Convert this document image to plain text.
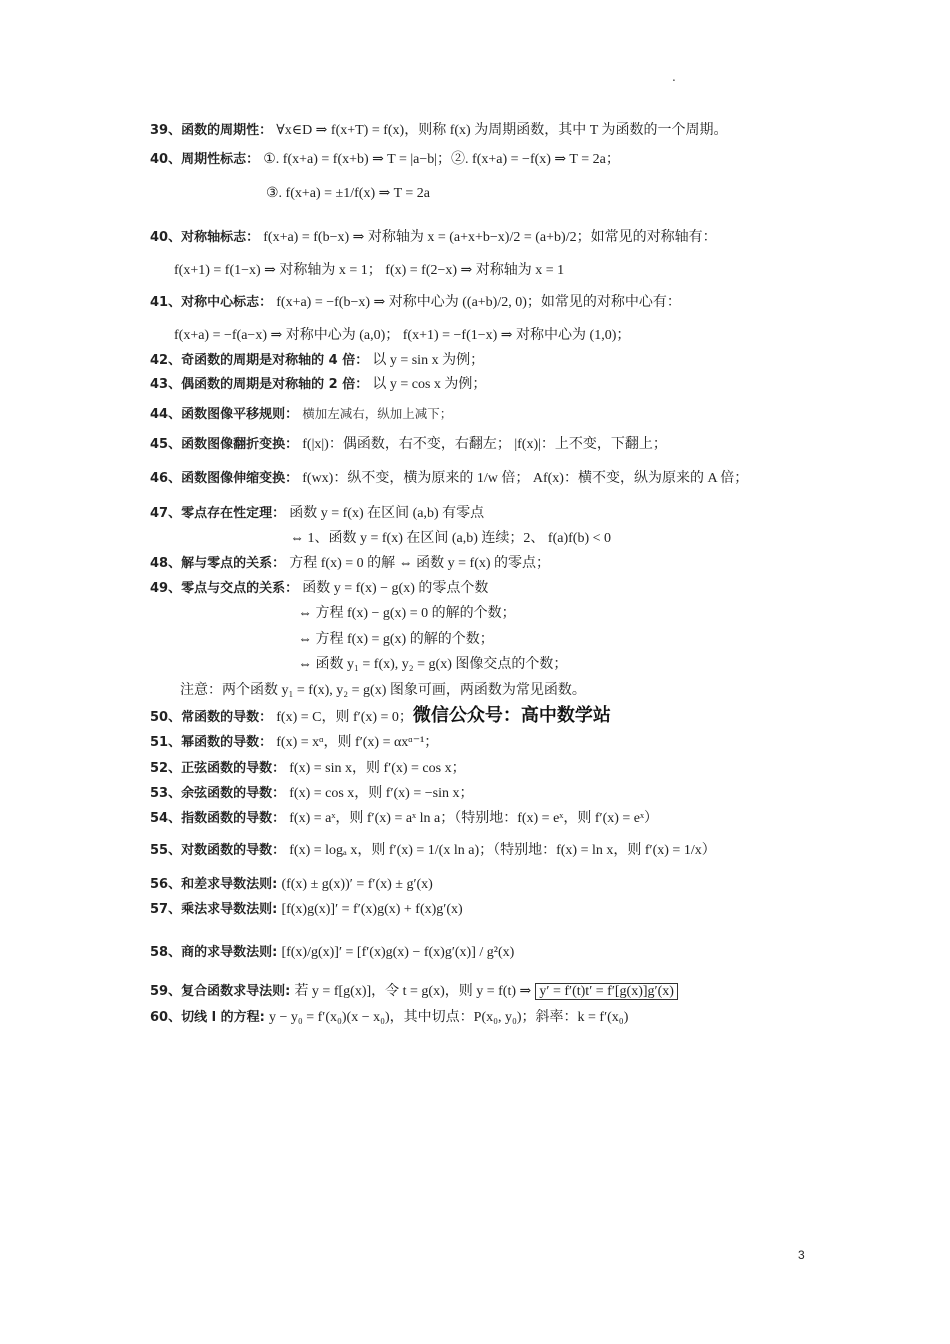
.
39、函数的周期性： ∀x∈D ⇒ f(x+T) = f(x)，则称 f(x) 为周期函数，其中 T 为函数的一个周期。
40、周期性标志： ①. f(x+a) = f(x+b) ⇒ T = |a−b|；②. f(x+a) = −f(x) ⇒ T = 2a；
③. f(x+a) = ±1/f(x) ⇒ T = 2a
40、对称轴标志： f(x+a) = f(b−x) ⇒ 对称轴为 x = (a+x+b−x)/2 = (a+b)/2；如常见的对称轴有：
f(x+1) = f(1−x) ⇒ 对称轴为 x = 1； f(x) = f(2−x) ⇒ 对称轴为 x = 1
41、对称中心标志： f(x+a) = −f(b−x) ⇒ 对称中心为 ((a+b)/2, 0)；如常见的对称中心有：
f(x+a) = −f(a−x) ⇒ 对称中心为 (a,0)； f(x+1) = −f(1−x) ⇒ 对称中心为 (1,0)；
42、奇函数的周期是对称轴的 4 倍： 以 y = sin x 为例；
43、偶函数的周期是对称轴的 2 倍： 以 y = cos x 为例；
44、函数图像平移规则： 横加左减右，纵加上减下；
45、函数图像翻折变换： f(|x|)：偶函数，右不变，右翻左； |f(x)|：上不变，下翻上；
46、函数图像伸缩变换： f(wx)：纵不变，横为原来的 1/w 倍； Af(x)：横不变，纵为原来的 A 倍；
47、零点存在性定理： 函数 y = f(x) 在区间 (a,b) 有零点
⇔ 1、函数 y = f(x) 在区间 (a,b) 连续；2、 f(a)f(b) < 0
48、解与零点的关系： 方程 f(x) = 0 的解 ⇔ 函数 y = f(x) 的零点；
49、零点与交点的关系： 函数 y = f(x) − g(x) 的零点个数
⇔ 方程 f(x) − g(x) = 0 的解的个数；
⇔ 方程 f(x) = g(x) 的解的个数；
⇔ 函数 y₁ = f(x), y₂ = g(x) 图像交点的个数；
注意：两个函数 y₁ = f(x), y₂ = g(x) 图象可画，两函数为常见函数。
50、常函数的导数： f(x) = C，则 f′(x) = 0；微信公众号：高中数学站
51、幂函数的导数： f(x) = xᵅ，则 f′(x) = αxᵅ⁻¹；
52、正弦函数的导数： f(x) = sin x，则 f′(x) = cos x；
53、余弦函数的导数： f(x) = cos x，则 f′(x) = −sin x；
54、指数函数的导数： f(x) = aˣ，则 f′(x) = aˣ ln a；（特别地：f(x) = eˣ，则 f′(x) = eˣ）
55、对数函数的导数： f(x) = logₐ x，则 f′(x) = 1/(x ln a)；（特别地：f(x) = ln x，则 f′(x) = 1/x）
56、和差求导数法则: (f(x) ± g(x))′ = f′(x) ± g′(x)
57、乘法求导数法则: [f(x)g(x)]′ = f′(x)g(x) + f(x)g′(x)
58、商的求导数法则: [f(x)/g(x)]′ = [f′(x)g(x) − f(x)g′(x)] / g²(x)
59、复合函数求导法则: 若 y = f[g(x)]，令 t = g(x)，则 y = f(t) ⇒ y′ = f′(t)t′ = f′[g(x)]g′(x)
60、切线 l 的方程: y − y₀ = f′(x₀)(x − x₀)，其中切点：P(x₀, y₀)；斜率：k = f′(x₀)
3
